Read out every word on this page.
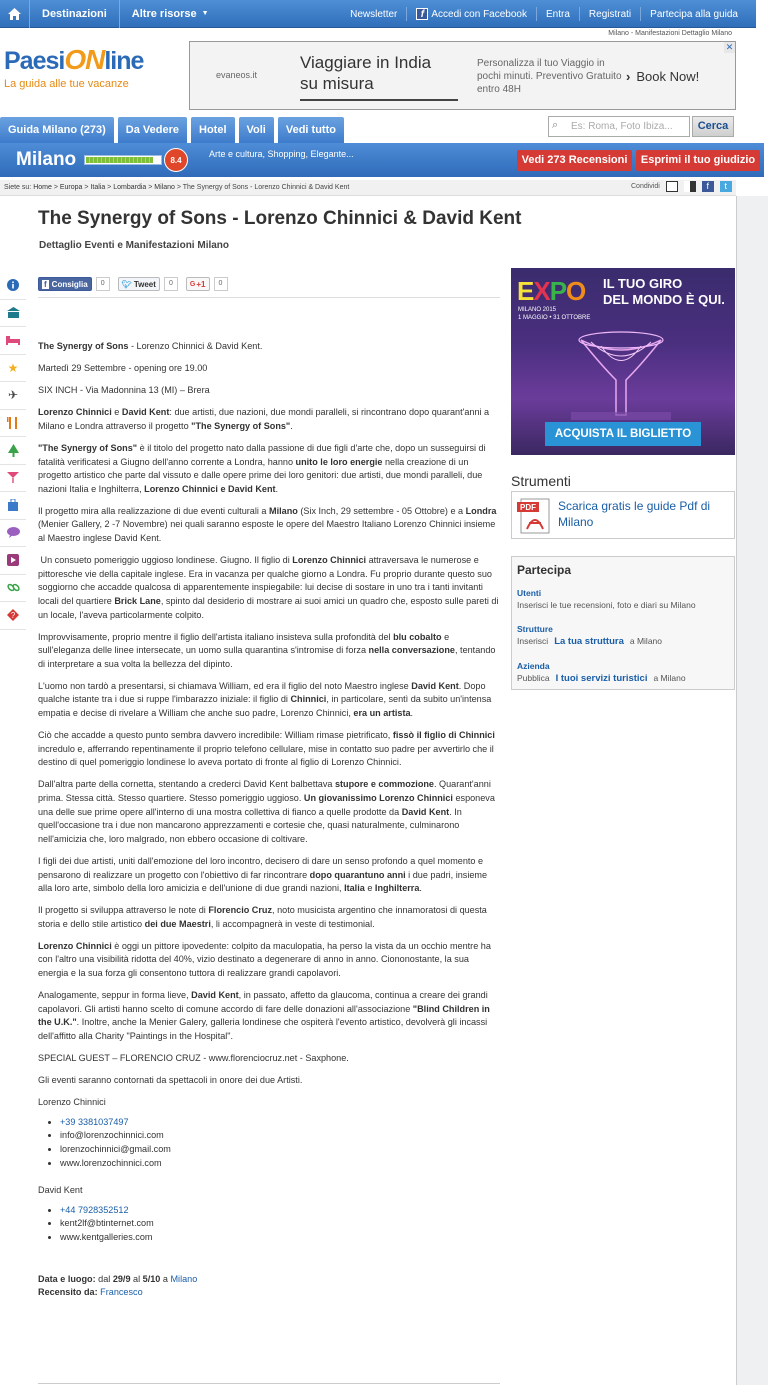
Destinazioni	Altre risorse ▼	Newsletter	f Accedi con Facebook	Entra	Registrati	Partecipa alla guida
Milano - Manifestazioni Dettaglio Milano
PaesiONline
La guida alle tue vacanze
evaneos.it
Viaggiare in India
su misura
Personalizza il tuo Viaggio in pochi minuti. Preventivo Gratuito entro 48H
› Book Now!
✕
Guida Milano (273)	Da Vedere	Hotel	Voli	Vedi tutto	Es: Roma, Foto Ibiza...
⌕	Cerca
Milano	8.4
Arte e cultura, Shopping, Elegante...	Vedi 273 Recensioni	Esprimi il tuo giudizio
Siete su: Home > Europa > Italia > Lombardia > Milano > The Synergy of Sons - Lorenzo Chinnici & David Kent	Condividi	f	t
The Synergy of Sons - Lorenzo Chinnici & David Kent
Dettaglio Eventi e Manifestazioni Milano
★
✈
?
f Consiglia	0	🐦︎ Tweet	0	G +1	0

The Synergy of Sons - Lorenzo Chinnici & David Kent.

Martedì 29 Settembre - opening ore 19.00

SIX INCH - Via Madonnina 13 (MI) – Brera

Lorenzo Chinnici e David Kent: due artisti, due nazioni, due mondi paralleli, si rincontrano dopo quarant'anni a Milano e Londra attraverso il progetto "The Synergy of Sons".

"The Synergy of Sons" è il titolo del progetto nato dalla passione di due figli d'arte che, dopo un susseguirsi di fatalità verificatesi a Giugno dell'anno corrente a Londra, hanno unito le loro energie nella creazione di un progetto artistico che parte dal vissuto e dalle opere prime dei loro genitori: due artisti, due mondi paralleli, due nazioni Italia e Inghilterra, Lorenzo Chinnici e David Kent.

Il progetto mira alla realizzazione di due eventi culturali a Milano (Six Inch, 29 settembre - 05 Ottobre) e a Londra (Menier Gallery, 2 -7 Novembre) nei quali saranno esposte le opere del Maestro Italiano Lorenzo Chinnici insieme al Maestro inglese David Kent.

Un consueto pomeriggio uggioso londinese. Giugno. Il figlio di Lorenzo Chinnici attraversava le numerose e pittoresche vie della capitale inglese. Era in vacanza per qualche giorno a Londra. Fu proprio durante questo suo soggiorno che accadde qualcosa di apparentemente inspiegabile: lui decise di sostare in uno tra i tanti invitanti locali del quartiere Brick Lane, spinto dal desiderio di mostrare ai suoi amici un quadro che, esposto sulle pareti di un locale, l'aveva particolarmente colpito.

Improvvisamente, proprio mentre il figlio dell'artista italiano insisteva sulla profondità del blu cobalto e sull'eleganza delle linee intersecate, un uomo sulla quarantina s'intromise di forza nella conversazione, tentando di interpretare a sua volta la bellezza del dipinto.

L'uomo non tardò a presentarsi, si chiamava William, ed era il figlio del noto Maestro inglese David Kent. Dopo qualche istante tra i due si ruppe l'imbarazzo iniziale: il figlio di Chinnici, in particolare, sentì da subito un'intensa empatia e decise di rivelare a William che anche suo padre, Lorenzo Chinnici, era un artista.

Ciò che accadde a questo punto sembra davvero incredibile: William rimase pietrificato, fissò il figlio di Chinnici incredulo e, afferrando repentinamente il proprio telefono cellulare, mise in contatto suo padre per avvertirlo che il destino di quel pomeriggio londinese lo aveva portato di fronte al figlio di Lorenzo Chinnici.

Dall'altra parte della cornetta, stentando a crederci David Kent balbettava stupore e commozione. Quarant'anni prima. Stessa città. Stesso quartiere. Stesso pomeriggio uggioso. Un giovanissimo Lorenzo Chinnici esponeva una delle sue prime opere all'interno di una mostra collettiva di fianco a quelle prodotte da David Kent. In quell'occasione tra i due non mancarono apprezzamenti e cortesie che, quasi naturalmente, culminarono nell'amicizia che, loro malgrado, non ebbero occasione di coltivare.

I figli dei due artisti, uniti dall'emozione del loro incontro, decisero di dare un senso profondo a quel momento e pensarono di realizzare un progetto con l'obiettivo di far rincontrare dopo quarantuno anni i due padri, insieme alla loro arte, simbolo della loro amicizia e dell'unione di due grandi nazioni, Italia e Inghilterra.

Il progetto si sviluppa attraverso le note di Florencio Cruz, noto musicista argentino che innamoratosi di questa storia e dello stile artistico dei due Maestri, li accompagnerà in veste di testimonial.

Lorenzo Chinnici è oggi un pittore ipovedente: colpito da maculopatia, ha perso la vista da un occhio mentre ha con l'altro una visibilità ridotta del 40%, vizio destinato a degenerare di anno in anno. Ciononostante, la sua energia e la sua forza gli consentono tuttora di realizzare grandi capolavori.

Analogamente, seppur in forma lieve, David Kent, in passato, affetto da glaucoma, continua a creare dei grandi capolavori. Gli artisti hanno scelto di comune accordo di fare delle donazioni all'associazione "Blind Children in the U.K.". Inoltre, anche la Menier Galery, galleria londinese che ospiterà l'evento artistico, devolverà gli incassi dell'affitto alla Charity "Paintings in the Hospital".

SPECIAL GUEST – FLORENCIO CRUZ - www.florenciocruz.net - Saxphone.

Gli eventi saranno contornati da spettacoli in onore dei due Artisti.

Lorenzo Chinnici

• +39 3381037497
• info@lorenzochinnici.com
• lorenzochinnici@gmail.com
• www.lorenzochinnici.com

David Kent

• +44 7928352512
• kent2lf@btinternet.com
• www.kentgalleries.com

Data e luogo: dal 29/9 al 5/10 a Milano

Recensito da: Francesco

EXPO IL TUO GIRO
DEL MONDO È QUI.
MILANO 2015
1 MAGGIO • 31 OTTOBRE
ACQUISTA IL BIGLIETTO
Strumenti
PDF Scarica gratis le guide Pdf di Milano
Partecipa
Utenti
Inserisci le tue recensioni, foto e diari su Milano
Strutture
Inserisci La tua struttura a Milano
Azienda
Pubblica I tuoi servizi turistici a Milano
